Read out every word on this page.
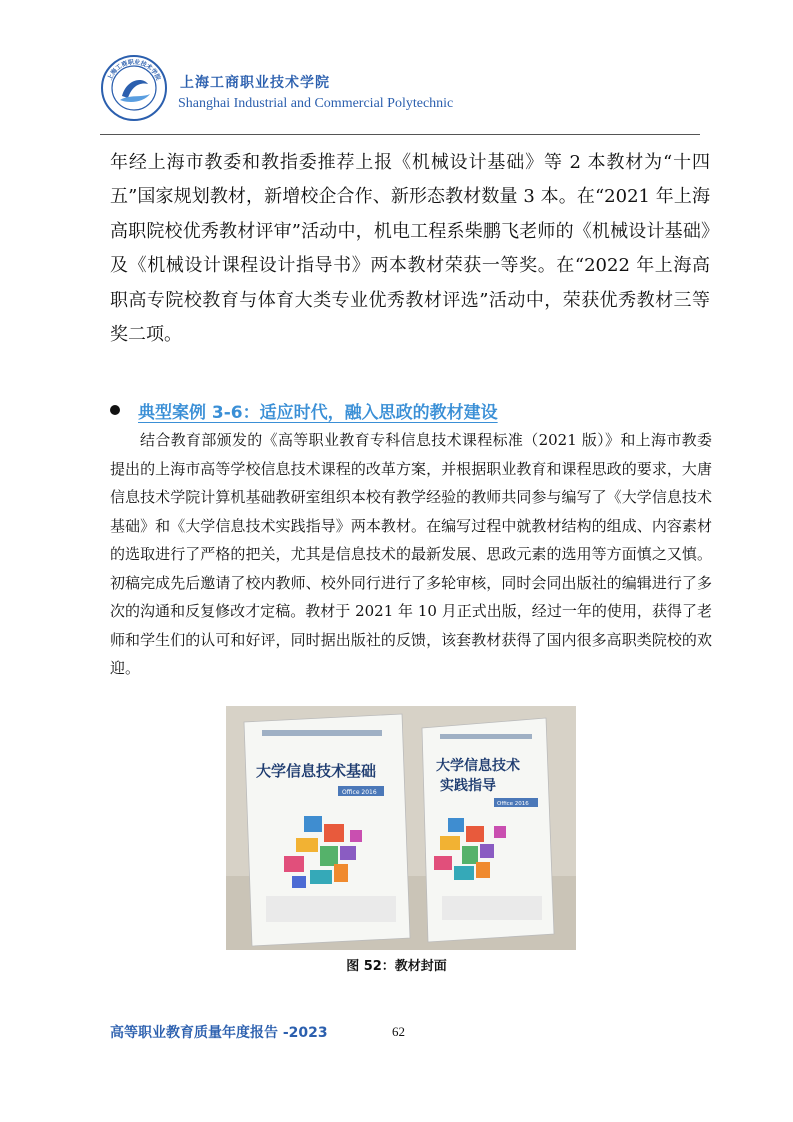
上海工商职业技术学院 上海工商职业技术学院
Shanghai Industrial and Commercial Polytechnic

年经上海市教委和教指委推荐上报《机械设计基础》等 2 本教材为“十四五”国家规划教材，新增校企合作、新形态教材数量 3 本。在“2021 年上海高职院校优秀教材评审”活动中，机电工程系柴鹏飞老师的《机械设计基础》及《机械设计课程设计指导书》两本教材荣获一等奖。在“2022 年上海高职高专院校教育与体育大类专业优秀教材评选”活动中，荣获优秀教材三等奖二项。

典型案例 3-6：适应时代，融入思政的教材建设

结合教育部颁发的《高等职业教育专科信息技术课程标准（2021 版）》和上海市教委提出的上海市高等学校信息技术课程的改革方案，并根据职业教育和课程思政的要求，大唐信息技术学院计算机基础教研室组织本校有教学经验的教师共同参与编写了《大学信息技术基础》和《大学信息技术实践指导》两本教材。在编写过程中就教材结构的组成、内容素材的选取进行了严格的把关，尤其是信息技术的最新发展、思政元素的选用等方面慎之又慎。初稿完成先后邀请了校内教师、校外同行进行了多轮审核，同时会同出版社的编辑进行了多次的沟通和反复修改才定稿。教材于 2021 年 10 月正式出版，经过一年的使用，获得了老师和学生们的认可和好评，同时据出版社的反馈，该套教材获得了国内很多高职类院校的欢迎。

大学信息技术基础
Office 2016
大学信息技术
实践指导
Office 2016
图 52：教材封面
高等职业教育质量年度报告 -2023	62
